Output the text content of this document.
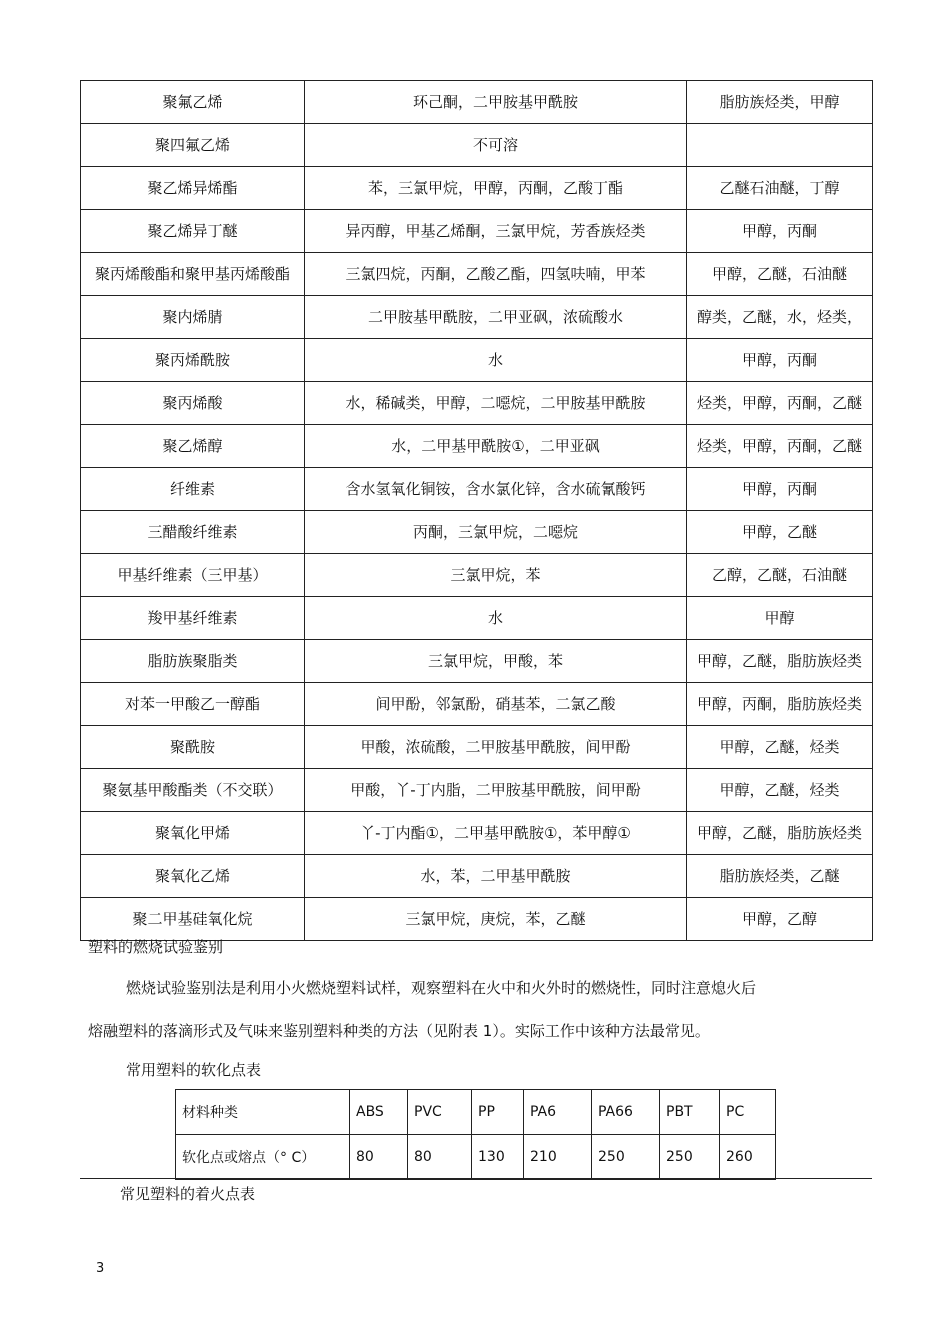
聚氟乙烯	环己酮，二甲胺基甲酰胺	脂肪族烃类，甲醇
聚四氟乙烯	不可溶	
聚乙烯异烯酯	苯，三氯甲烷，甲醇，丙酮，乙酸丁酯	乙醚石油醚，丁醇
聚乙烯异丁醚	异丙醇，甲基乙烯酮，三氯甲烷，芳香族烃类	甲醇，丙酮
聚丙烯酸酯和聚甲基丙烯酸酯	三氯四烷，丙酮，乙酸乙酯，四氢呋喃，甲苯	甲醇，乙醚，石油醚
聚内烯腈	二甲胺基甲酰胺，二甲亚砜，浓硫酸水	醇类，乙醚，水，烃类，
聚丙烯酰胺	水	甲醇，丙酮
聚丙烯酸	水，稀碱类，甲醇，二噁烷，二甲胺基甲酰胺	烃类，甲醇，丙酮，乙醚
聚乙烯醇	水，二甲基甲酰胺①，二甲亚砜	烃类，甲醇，丙酮，乙醚
纤维素	含水氢氧化铜铵，含水氯化锌，含水硫氰酸钙	甲醇，丙酮
三醋酸纤维素	丙酮，三氯甲烷，二噁烷	甲醇，乙醚
甲基纤维素（三甲基）	三氯甲烷，苯	乙醇，乙醚，石油醚
羧甲基纤维素	水	甲醇
脂肪族聚脂类	三氯甲烷，甲酸，苯	甲醇，乙醚，脂肪族烃类
对苯一甲酸乙一醇酯	间甲酚，邻氯酚，硝基苯，二氯乙酸	甲醇，丙酮，脂肪族烃类
聚酰胺	甲酸，浓硫酸，二甲胺基甲酰胺，间甲酚	甲醇，乙醚，烃类
聚氨基甲酸酯类（不交联）	甲酸，丫-丁内脂，二甲胺基甲酰胺，间甲酚	甲醇，乙醚，烃类
聚氧化甲烯	丫-丁内酯①，二甲基甲酰胺①，苯甲醇①	甲醇，乙醚，脂肪族烃类
聚氧化乙烯	水，苯，二甲基甲酰胺	脂肪族烃类，乙醚
聚二甲基硅氧化烷	三氯甲烷，庚烷，苯，乙醚	甲醇，乙醇

塑料的燃烧试验鉴别

燃烧试验鉴别法是利用小火燃烧塑料试样，观察塑料在火中和火外时的燃烧性，同时注意熄火后

熔融塑料的落滴形式及气味来鉴别塑料种类的方法（见附表 1）。实际工作中该种方法最常见。

常用塑料的软化点表

材料种类	ABS	PVC	PP	PA6	PA66	PBT	PC
软化点或熔点（° C）	80	80	130	210	250	250	260

常见塑料的着火点表

3
